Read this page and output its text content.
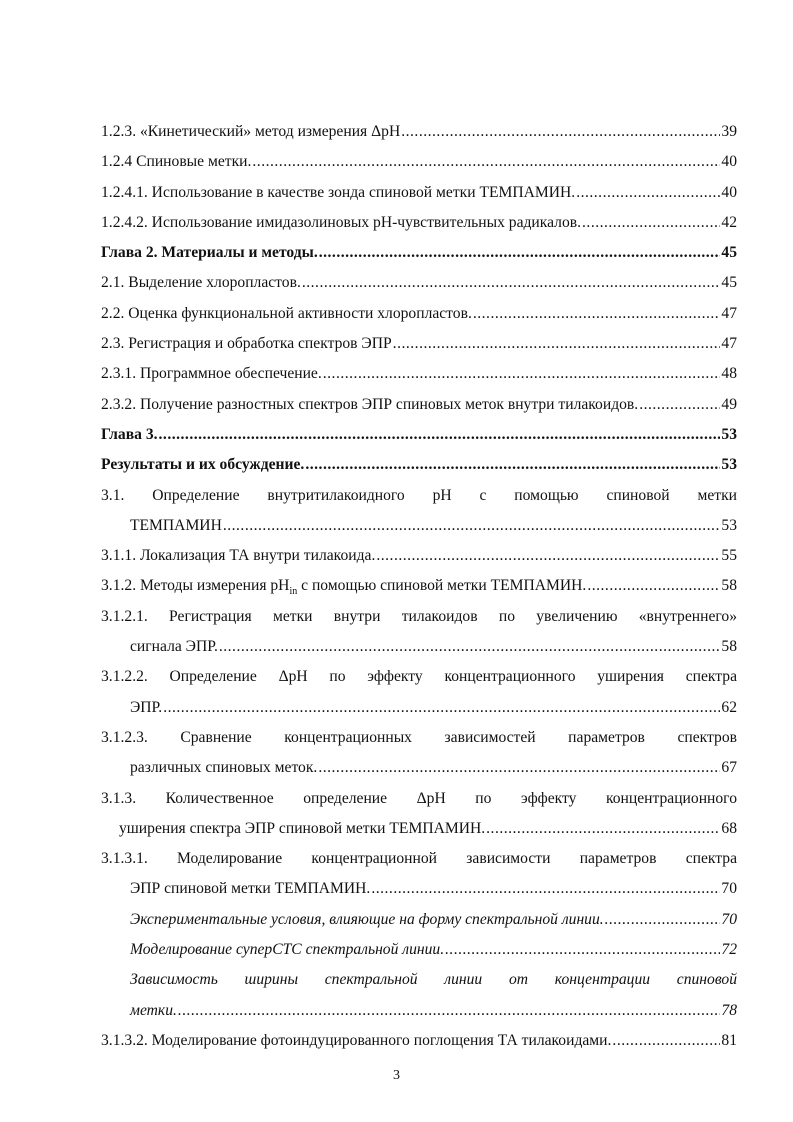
1.2.3. «Кинетический» метод измерения ΔpH .....	39
1.2.4 Спиновые метки. .....	40
1.2.4.1. Использование в качестве зонда спиновой метки ТЕМПАМИН. .....	40
1.2.4.2. Использование имидазолиновых pH-чувствительных радикалов. .....	42
Глава 2. Материалы и методы. .....	45
2.1. Выделение хлоропластов. .....	45
2.2. Оценка функциональной активности хлоропластов. .....	47
2.3. Регистрация и обработка спектров ЭПР .....	47
2.3.1. Программное обеспечение. .....	48
2.3.2. Получение разностных спектров ЭПР спиновых меток внутри тилакоидов. .....	49
Глава 3. .....	53
Результаты и их обсуждение. .....	53
3.1. Определение внутритилакоидного pH с помощью спиновой метки
ТЕМПАМИН .....	53
3.1.1. Локализация ТА внутри тилакоида. .....	55
3.1.2. Методы измерения $pH_{in}$ с помощью спиновой метки ТЕМПАМИН. .....	58
3.1.2.1. Регистрация метки внутри тилакоидов по увеличению «внутреннего»
сигнала ЭПР. .....	58
3.1.2.2. Определение ΔpH по эффекту концентрационного уширения спектра
ЭПР. .....	62
3.1.2.3. Сравнение концентрационных зависимостей параметров спектров
различных спиновых меток. .....	67
3.1.3. Количественное определение ΔpH по эффекту концентрационного
уширения спектра ЭПР спиновой метки ТЕМПАМИН. .....	68
3.1.3.1. Моделирование концентрационной зависимости параметров спектра
ЭПР спиновой метки ТЕМПАМИН. .....	70
Экспериментальные условия, влияющие на форму спектральной линии. .....	70
Моделирование суперСТС спектральной линии. .....	72
Зависимость ширины спектральной линии от концентрации спиновой
метки. .....	78
3.1.3.2. Моделирование фотоиндуцированного поглощения ТА тилакоидами. .....	81
3
